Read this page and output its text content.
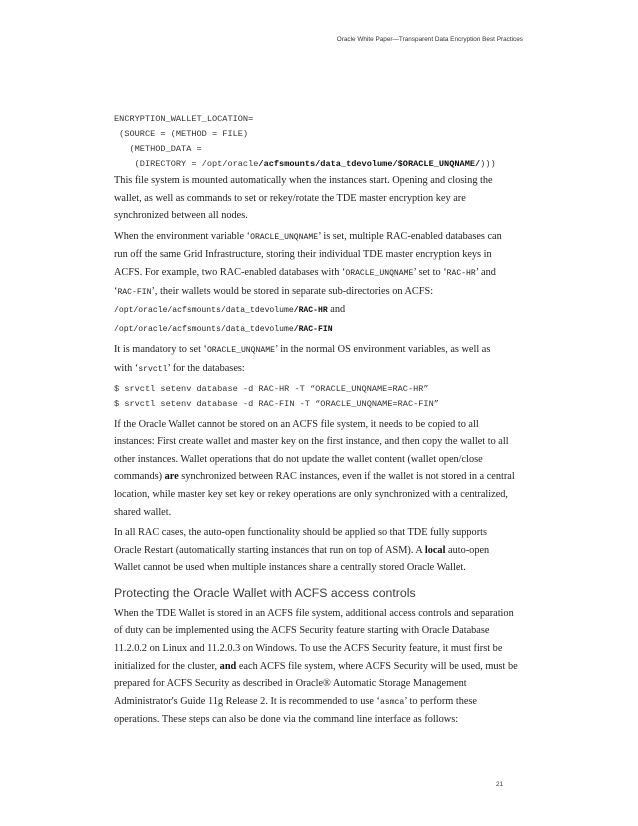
Oracle White Paper—Transparent Data Encryption Best Practices
ENCRYPTION_WALLET_LOCATION=
(SOURCE = (METHOD = FILE)
(METHOD_DATA =
(DIRECTORY = /opt/oracle/acfsmounts/data_tdevolume/$ORACLE_UNQNAME/)))
This file system is mounted automatically when the instances start. Opening and closing the
wallet, as well as commands to set or rekey/rotate the TDE master encryption key are
synchronized between all nodes.
When the environment variable ‘ORACLE_UNQNAME’ is set, multiple RAC-enabled databases can
run off the same Grid Infrastructure, storing their individual TDE master encryption keys in
ACFS. For example, two RAC-enabled databases with ‘ORACLE_UNQNAME’ set to ‘RAC-HR’ and
‘RAC-FIN’, their wallets would be stored in separate sub-directories on ACFS:
/opt/oracle/acfsmounts/data_tdevolume/RAC-HR and
/opt/oracle/acfsmounts/data_tdevolume/RAC-FIN
It is mandatory to set ‘ORACLE_UNQNAME’ in the normal OS environment variables, as well as
with ‘srvctl’ for the databases:
$ srvctl setenv database -d RAC-HR -T “ORACLE_UNQNAME=RAC-HR”
$ srvctl setenv database -d RAC-FIN -T “ORACLE_UNQNAME=RAC-FIN”
If the Oracle Wallet cannot be stored on an ACFS file system, it needs to be copied to all
instances: First create wallet and master key on the first instance, and then copy the wallet to all
other instances. Wallet operations that do not update the wallet content (wallet open/close
commands) are synchronized between RAC instances, even if the wallet is not stored in a central
location, while master key set key or rekey operations are only synchronized with a centralized,
shared wallet.
In all RAC cases, the auto-open functionality should be applied so that TDE fully supports
Oracle Restart (automatically starting instances that run on top of ASM). A local auto-open
Wallet cannot be used when multiple instances share a centrally stored Oracle Wallet.
Protecting the Oracle Wallet with ACFS access controls
When the TDE Wallet is stored in an ACFS file system, additional access controls and separation
of duty can be implemented using the ACFS Security feature starting with Oracle Database
11.2.0.2 on Linux and 11.2.0.3 on Windows. To use the ACFS Security feature, it must first be
initialized for the cluster, and each ACFS file system, where ACFS Security will be used, must be
prepared for ACFS Security as described in Oracle® Automatic Storage Management
Administrator's Guide 11g Release 2. It is recommended to use ‘asmca’ to perform these
operations. These steps can also be done via the command line interface as follows:
21
